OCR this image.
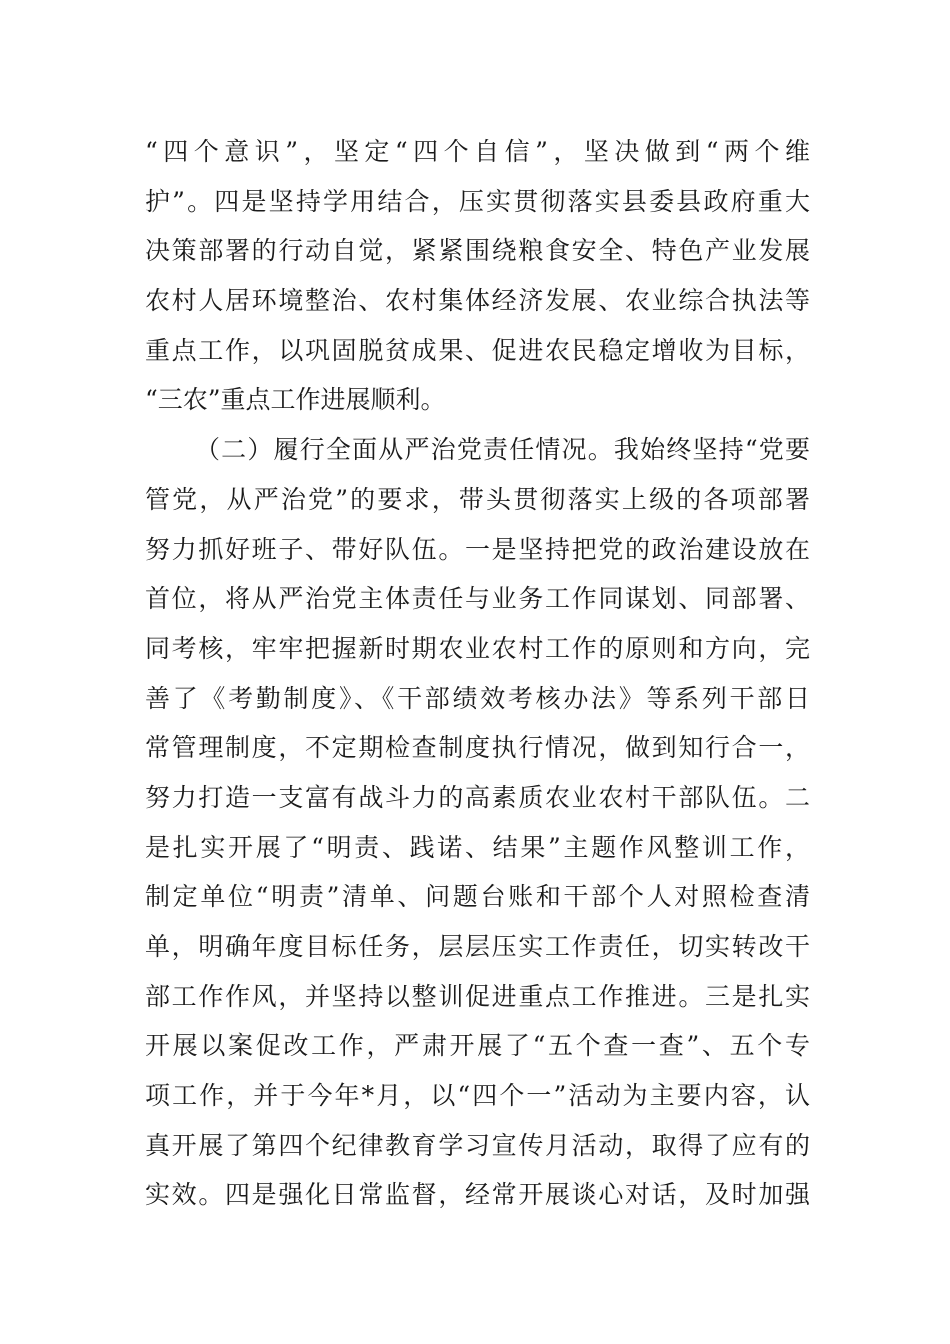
“四个意识”，坚定“四个自信”，坚决做到“两个维
护”。四是坚持学用结合，压实贯彻落实县委县政府重大
决策部署的行动自觉，紧紧围绕粮食安全、特色产业发展
农村人居环境整治、农村集体经济发展、农业综合执法等
重点工作，以巩固脱贫成果、促进农民稳定增收为目标，
“三农”重点工作进展顺利。
（二）履行全面从严治党责任情况。我始终坚持“党要
管党，从严治党”的要求，带头贯彻落实上级的各项部署
努力抓好班子、带好队伍。一是坚持把党的政治建设放在
首位，将从严治党主体责任与业务工作同谋划、同部署、
同考核，牢牢把握新时期农业农村工作的原则和方向，完
善了《考勤制度》、《干部绩效考核办法》等系列干部日
常管理制度，不定期检查制度执行情况，做到知行合一，
努力打造一支富有战斗力的高素质农业农村干部队伍。二
是扎实开展了“明责、践诺、结果”主题作风整训工作，
制定单位“明责”清单、问题台账和干部个人对照检查清
单，明确年度目标任务，层层压实工作责任，切实转改干
部工作作风，并坚持以整训促进重点工作推进。三是扎实
开展以案促改工作，严肃开展了“五个查一查”、五个专
项工作，并于今年*月，以“四个一”活动为主要内容，认
真开展了第四个纪律教育学习宣传月活动，取得了应有的
实效。四是强化日常监督，经常开展谈心对话，及时加强
